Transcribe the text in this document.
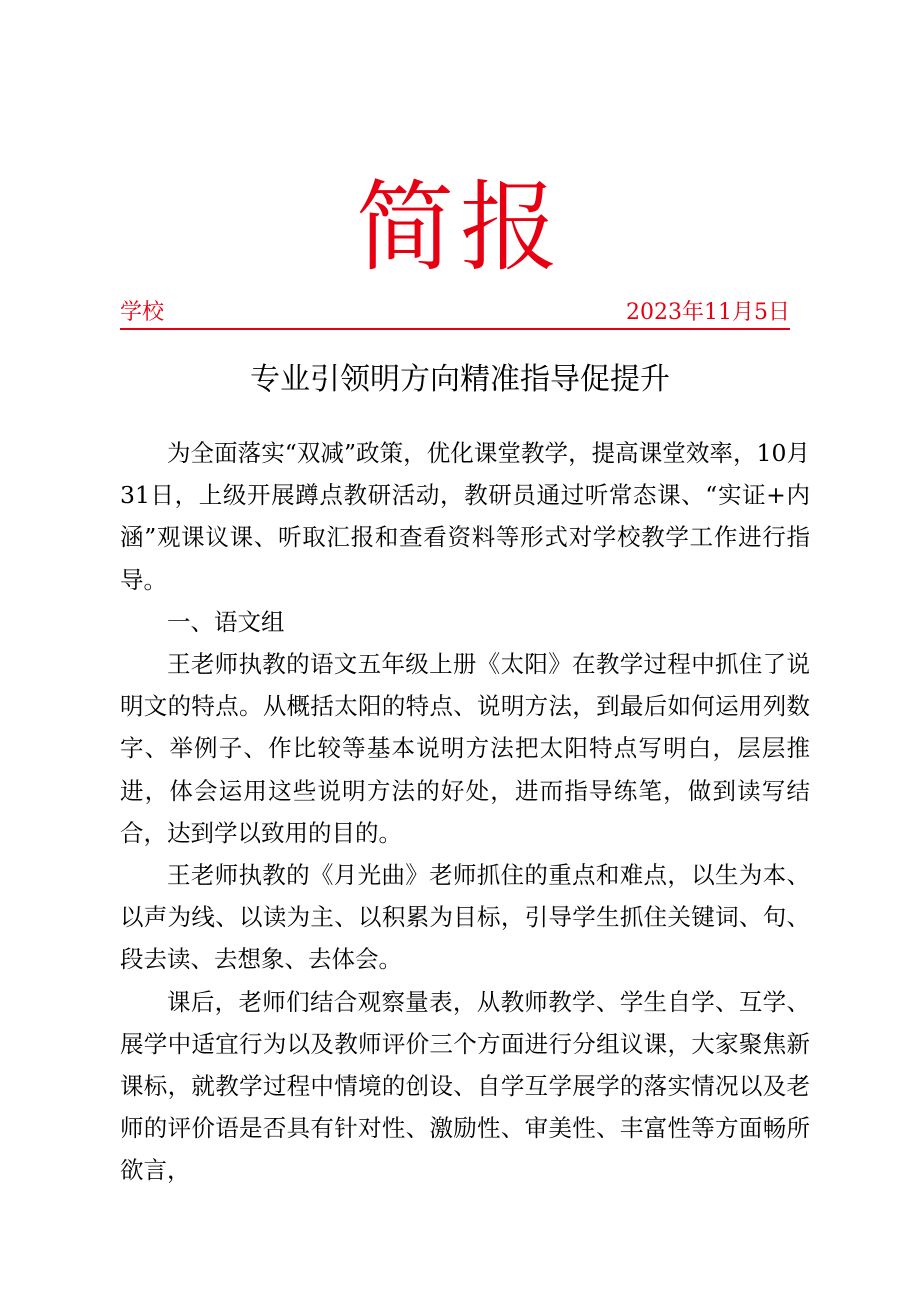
简报
学校	2023年11月5日
专业引领明方向精准指导促提升

为全面落实“双减”政策，优化课堂教学，提高课堂效率，10月31日，上级开展蹲点教研活动，教研员通过听常态课、“实证+内涵”观课议课、听取汇报和查看资料等形式对学校教学工作进行指导。

一、语文组

王老师执教的语文五年级上册《太阳》在教学过程中抓住了说明文的特点。从概括太阳的特点、说明方法，到最后如何运用列数字、举例子、作比较等基本说明方法把太阳特点写明白，层层推进，体会运用这些说明方法的好处，进而指导练笔，做到读写结合，达到学以致用的目的。

王老师执教的《月光曲》老师抓住的重点和难点，以生为本、以声为线、以读为主、以积累为目标，引导学生抓住关键词、句、段去读、去想象、去体会。

课后，老师们结合观察量表，从教师教学、学生自学、互学、展学中适宜行为以及教师评价三个方面进行分组议课，大家聚焦新课标，就教学过程中情境的创设、自学互学展学的落实情况以及老师的评价语是否具有针对性、激励性、审美性、丰富性等方面畅所欲言，
